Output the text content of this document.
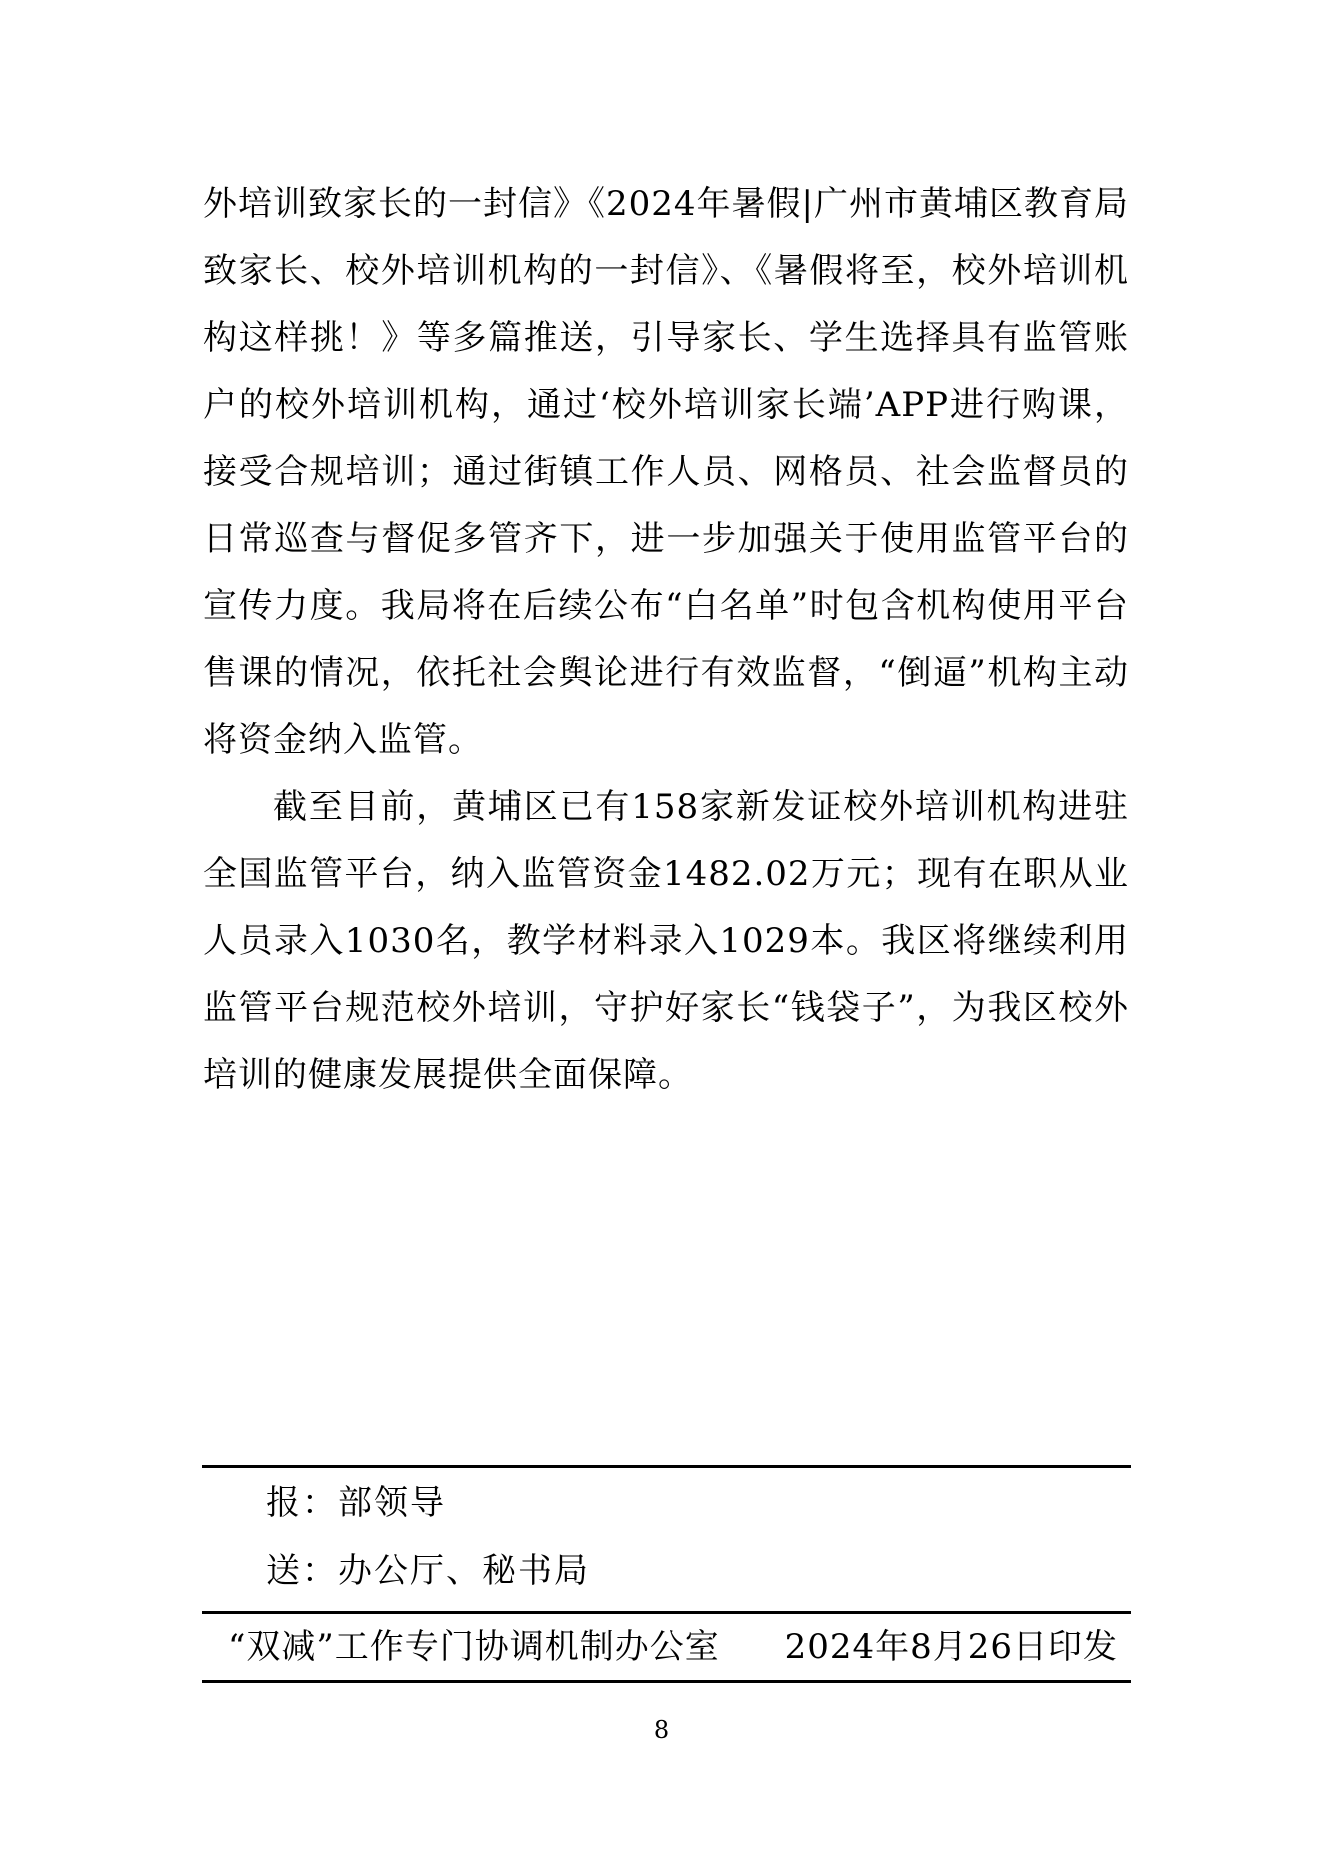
外培训致家长的一封信》《2024年暑假|广州市黄埔区教育局致家长、校外培训机构的一封信》、《暑假将至，校外培训机构这样挑！》等多篇推送，引导家长、学生选择具有监管账户的校外培训机构，通过‘校外培训家长端’APP进行购课，接受合规培训；通过街镇工作人员、网格员、社会监督员的日常巡查与督促多管齐下，进一步加强关于使用监管平台的宣传力度。我局将在后续公布“白名单”时包含机构使用平台售课的情况，依托社会舆论进行有效监督，“倒逼”机构主动将资金纳入监管。

截至目前，黄埔区已有158家新发证校外培训机构进驻全国监管平台，纳入监管资金1482.02万元；现有在职从业人员录入1030名，教学材料录入1029本。我区将继续利用监管平台规范校外培训，守护好家长“钱袋子”，为我区校外培训的健康发展提供全面保障。

报：部领导
送：办公厅、秘书局
“双减”工作专门协调机制办公室 2024年8月26日印发
8
